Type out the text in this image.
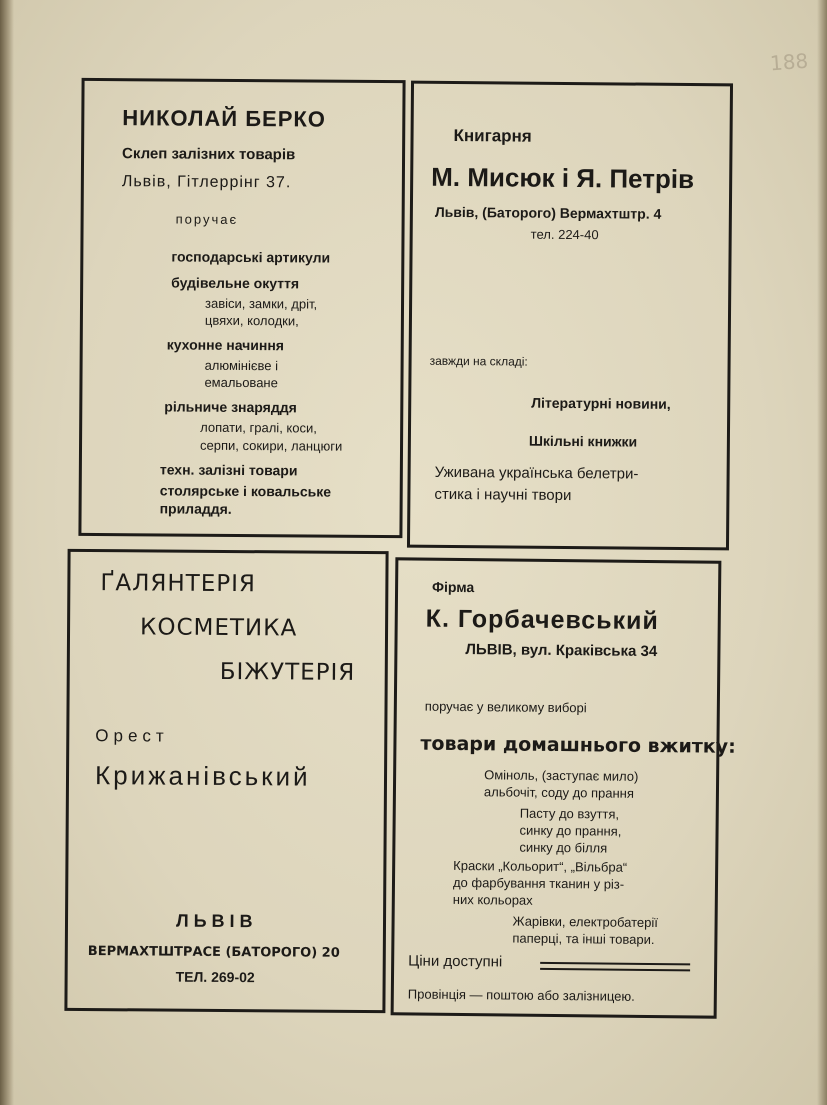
188
НИКОЛАЙ БЕРКО
Склеп залізних товарів
Львів, Гітлеррінг 37.
поручає
господарські артикули
будівельне окуття
завіси, замки, дріт,
цвяхи, колодки,
кухонне начиння
алюмінієве і
емальоване
рільниче знаряддя
лопати, гралі, коси,
серпи, сокири, ланцюги
техн. залізні товари
столярське і ковальське
приладдя.
Книгарня
М. Мисюк і Я. Петрів
Львів, (Баторого) Вермахтштр. 4
тел. 224-40
завжди на складі:
Літературні новини,
Шкільні книжки
Уживана українська белетри-
стика і научні твори
ҐАЛЯНТЕРІЯ
КОСМЕТИКА
БІЖУТЕРІЯ
Орест
Крижанівський
ЛЬВІВ
ВЕРМАХТШТРАСЕ (БАТОРОГО) 20
ТЕЛ. 269-02
Фірма
К. Горбачевський
ЛЬВІВ, вул. Краківська 34
поручає у великому виборі
товари домашнього вжитку:
Оміноль, (заступає мило)
альбочіт, соду до прання
Пасту до взуття,
синку до прання,
синку до білля
Краски „Кольорит“, „Вільбра“
до фарбування тканин у різ-
них кольорах
Жарівки, електробатерії
паперці, та інші товари.
Ціни доступні
Провінція — поштою або залізницею.
